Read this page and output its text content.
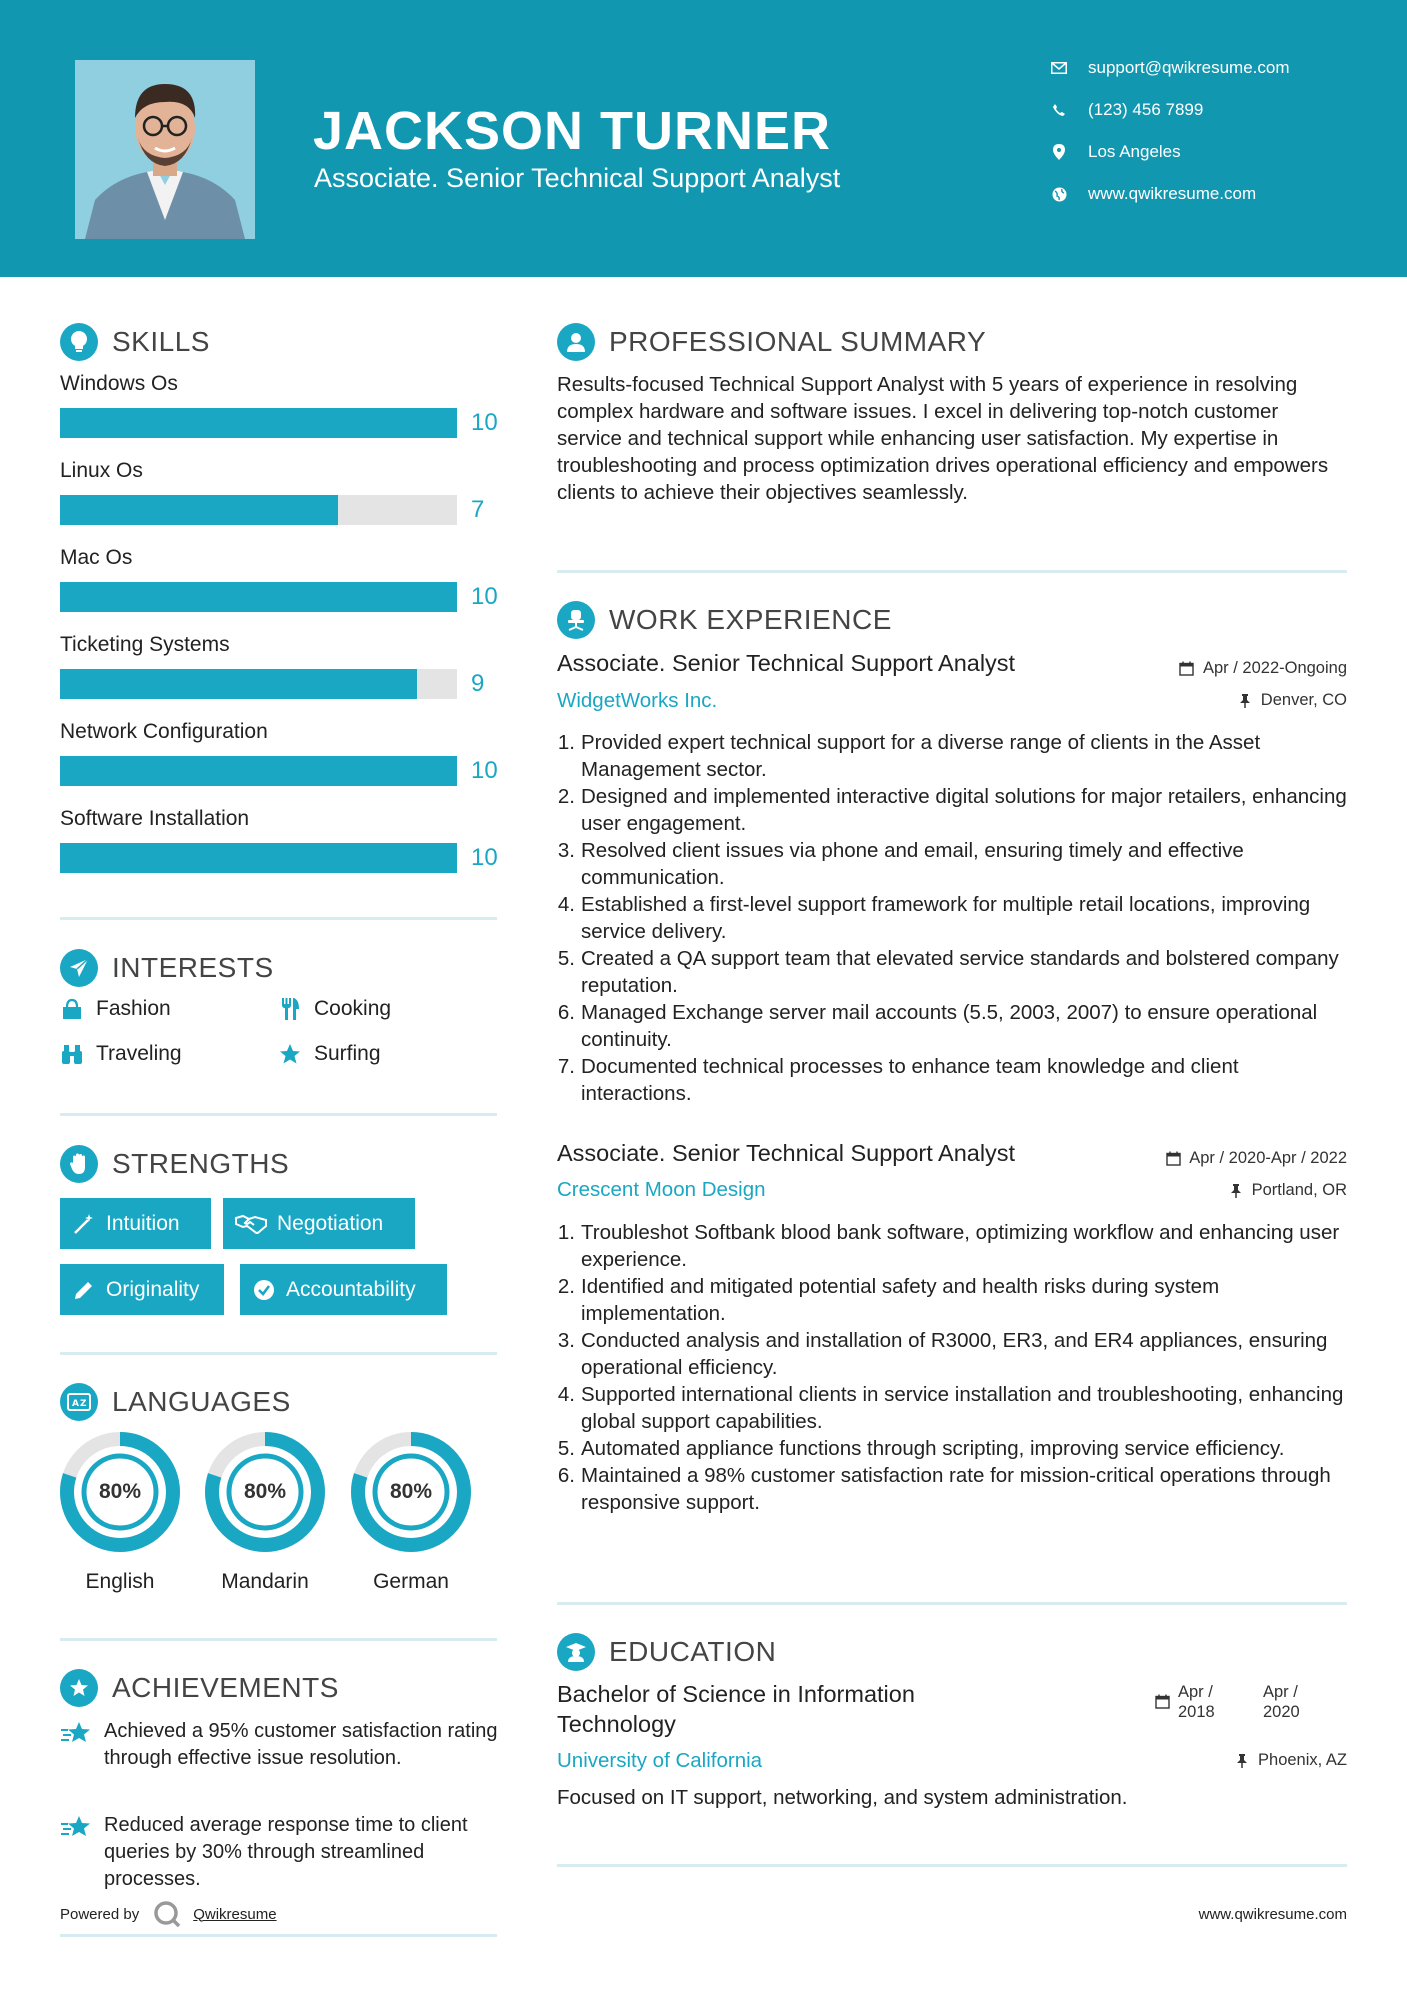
JACKSON TURNER
Associate. Senior Technical Support Analyst
support@qwikresume.com
(123) 456 7899
Los Angeles
www.qwikresume.com
SKILLS
Windows Os
10
Linux Os
7
Mac Os
10
Ticketing Systems
9
Network Configuration
10
Software Installation
10
INTERESTS
Fashion	Cooking
Traveling	Surfing
STRENGTHS
Intuition	Negotiation
Originality	Accountability
A Z LANGUAGES
80%
English
80%
Mandarin
80%
German
ACHIEVEMENTS
Achieved a 95% customer satisfaction rating through effective issue resolution.
Reduced average response time to client queries by 30% through streamlined processes.
Powered by	Qwikresume
PROFESSIONAL SUMMARY
Results-focused Technical Support Analyst with 5 years of experience in resolving complex hardware and software issues. I excel in delivering top-notch customer service and technical support while enhancing user satisfaction. My expertise in troubleshooting and process optimization drives operational efficiency and empowers clients to achieve their objectives seamlessly.
WORK EXPERIENCE
Associate. Senior Technical Support Analyst	Apr / 2022-Ongoing
WidgetWorks Inc.	Denver, CO
1. Provided expert technical support for a diverse range of clients in the Asset Management sector.
2. Designed and implemented interactive digital solutions for major retailers, enhancing user engagement.
3. Resolved client issues via phone and email, ensuring timely and effective communication.
4. Established a first-level support framework for multiple retail locations, improving service delivery.
5. Created a QA support team that elevated service standards and bolstered company reputation.
6. Managed Exchange server mail accounts (5.5, 2003, 2007) to ensure operational continuity.
7. Documented technical processes to enhance team knowledge and client interactions.
Associate. Senior Technical Support Analyst	Apr / 2020-Apr / 2022
Crescent Moon Design	Portland, OR
1. Troubleshot Softbank blood bank software, optimizing workflow and enhancing user experience.
2. Identified and mitigated potential safety and health risks during system implementation.
3. Conducted analysis and installation of R3000, ER3, and ER4 appliances, ensuring operational efficiency.
4. Supported international clients in service installation and troubleshooting, enhancing global support capabilities.
5. Automated appliance functions through scripting, improving service efficiency.
6. Maintained a 98% customer satisfaction rate for mission-critical operations through responsive support.
EDUCATION
Bachelor of Science in Information Technology
Apr / 2018
Apr / 2020
University of California	Phoenix, AZ
Focused on IT support, networking, and system administration.
www.qwikresume.com
